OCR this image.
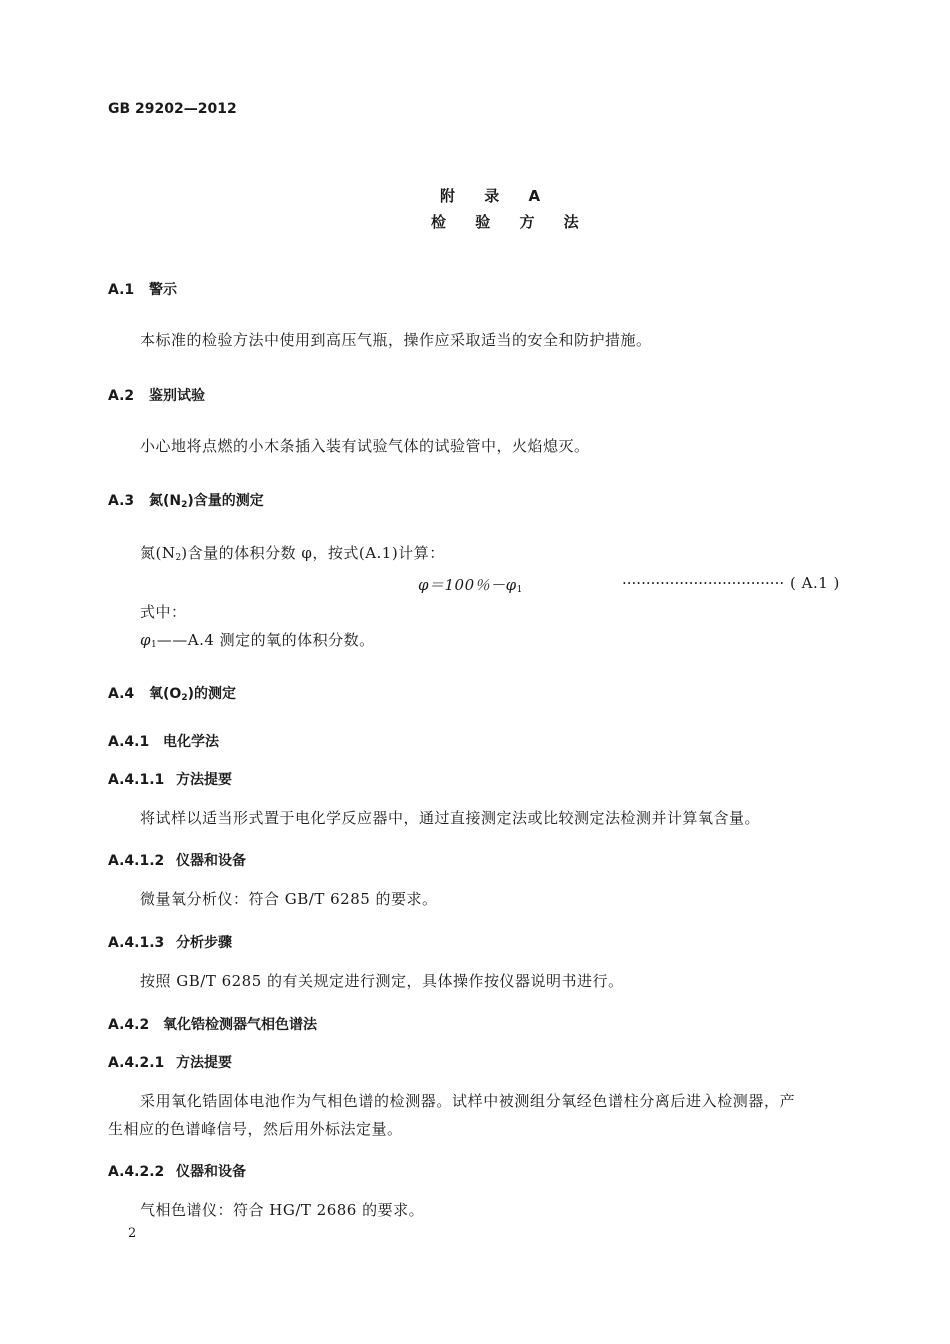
GB 29202—2012
附 录 A
检 验 方 法
A.1 警示
本标准的检验方法中使用到高压气瓶，操作应采取适当的安全和防护措施。
A.2 鉴别试验
小心地将点燃的小木条插入装有试验气体的试验管中，火焰熄灭。
A.3 氮$(N_2)$含量的测定
氮$(N_2)$含量的体积分数 φ，按式(A.1)计算：
φ＝100％$-\varphi_1$	·································· ( A.1 )
式中：
$\varphi_1——A.4$ 测定的氧的体积分数。
A.4 氧$(O_2)$的测定
A.4.1 电化学法
A.4.1.1 方法提要
将试样以适当形式置于电化学反应器中，通过直接测定法或比较测定法检测并计算氧含量。
A.4.1.2 仪器和设备
微量氧分析仪：符合 GB/T 6285 的要求。
A.4.1.3 分析步骤
按照 GB/T 6285 的有关规定进行测定，具体操作按仪器说明书进行。
A.4.2 氧化锆检测器气相色谱法
A.4.2.1 方法提要
采用氧化锆固体电池作为气相色谱的检测器。试样中被测组分氧经色谱柱分离后进入检测器，产
生相应的色谱峰信号，然后用外标法定量。
A.4.2.2 仪器和设备
气相色谱仪：符合 HG/T 2686 的要求。
2
